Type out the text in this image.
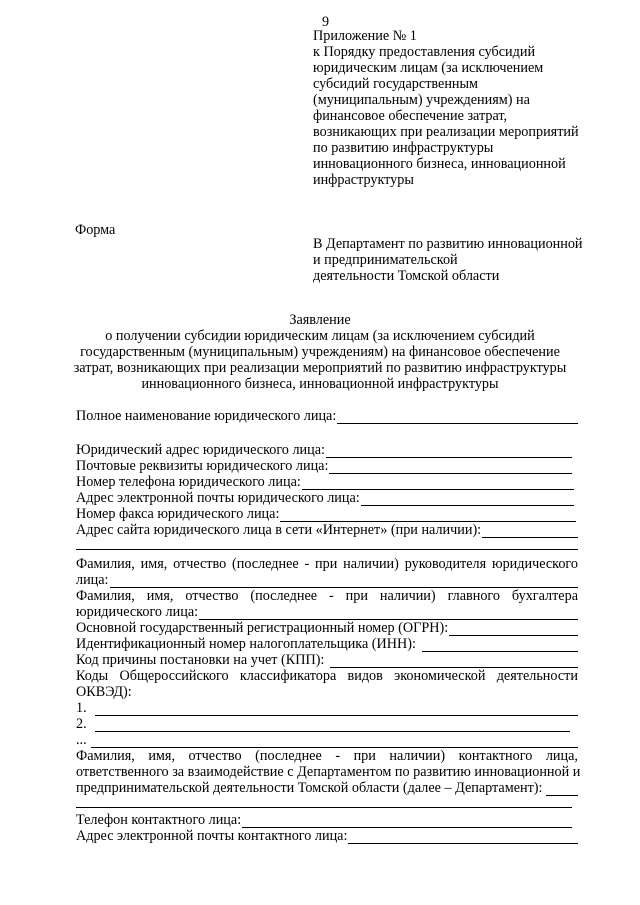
9
Приложение № 1
к Порядку предоставления субсидий
юридическим лицам (за исключением
субсидий государственным
(муниципальным) учреждениям) на
финансовое обеспечение затрат,
возникающих при реализации мероприятий
по развитию инфраструктуры
инновационного бизнеса, инновационной
инфраструктуры
Форма
В Департамент по развитию инновационной
и предпринимательской
деятельности Томской области
Заявление
о получении субсидии юридическим лицам (за исключением субсидий
государственным (муниципальным) учреждениям) на финансовое обеспечение
затрат, возникающих при реализации мероприятий по развитию инфраструктуры
инновационного бизнеса, инновационной инфраструктуры
Полное наименование юридического лица:
Юридический адрес юридического лица:
Почтовые реквизиты юридического лица:
Номер телефона юридического лица:
Адрес электронной почты юридического лица:
Номер факса юридического лица:
Адрес сайта юридического лица в сети «Интернет» (при наличии):
Фамилия, имя, отчество (последнее - при наличии) руководителя юридического
лица:
Фамилия, имя, отчество (последнее - при наличии) главного бухгалтера
юридического лица:
Основной государственный регистрационный номер (ОГРН):
Идентификационный номер налогоплательщика (ИНН):
Код причины постановки на учет (КПП):
Коды Общероссийского классификатора видов экономической деятельности
ОКВЭД):
1.
2.
...
Фамилия, имя, отчество (последнее - при наличии) контактного лица,
ответственного за взаимодействие с Департаментом по развитию инновационной и
предпринимательской деятельности Томской области (далее – Департамент):
Телефон контактного лица:
Адрес электронной почты контактного лица:
